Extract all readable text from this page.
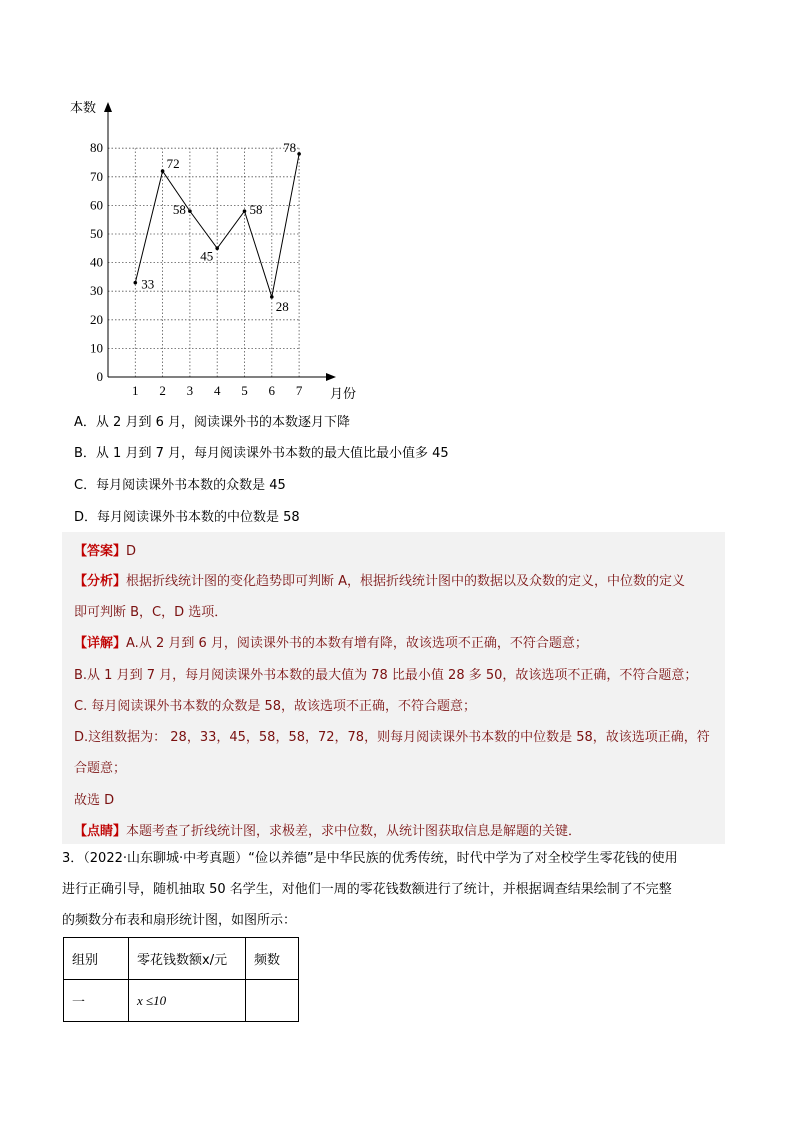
0
10
20
30
40
50
60
70
80
1 2 3 4 5 6 7
本数
月份
33
72
58
45
58
28
78
A．从 2 月到 6 月，阅读课外书的本数逐月下降
B．从 1 月到 7 月，每月阅读课外书本数的最大值比最小值多 45
C．每月阅读课外书本数的众数是 45
D．每月阅读课外书本数的中位数是 58
【答案】D
【分析】根据折线统计图的变化趋势即可判断 A，根据折线统计图中的数据以及众数的定义，中位数的定义
即可判断 B，C，D 选项．
【详解】A.从 2 月到 6 月，阅读课外书的本数有增有降，故该选项不正确，不符合题意；
B.从 1 月到 7 月，每月阅读课外书本数的最大值为 78 比最小值 28 多 50，故该选项不正确，不符合题意；
C. 每月阅读课外书本数的众数是 58，故该选项不正确，不符合题意；
D.这组数据为： 28，33，45，58，58，72，78，则每月阅读课外书本数的中位数是 58，故该选项正确，符
合题意；
故选 D
【点睛】本题考查了折线统计图，求极差，求中位数，从统计图获取信息是解题的关键．
3．（2022·山东聊城·中考真题）“俭以养德”是中华民族的优秀传统，时代中学为了对全校学生零花钱的使用
进行正确引导，随机抽取 50 名学生，对他们一周的零花钱数额进行了统计，并根据调查结果绘制了不完整
的频数分布表和扇形统计图，如图所示：
组别	零花钱数额x/元	频数
一	x ≤10	
